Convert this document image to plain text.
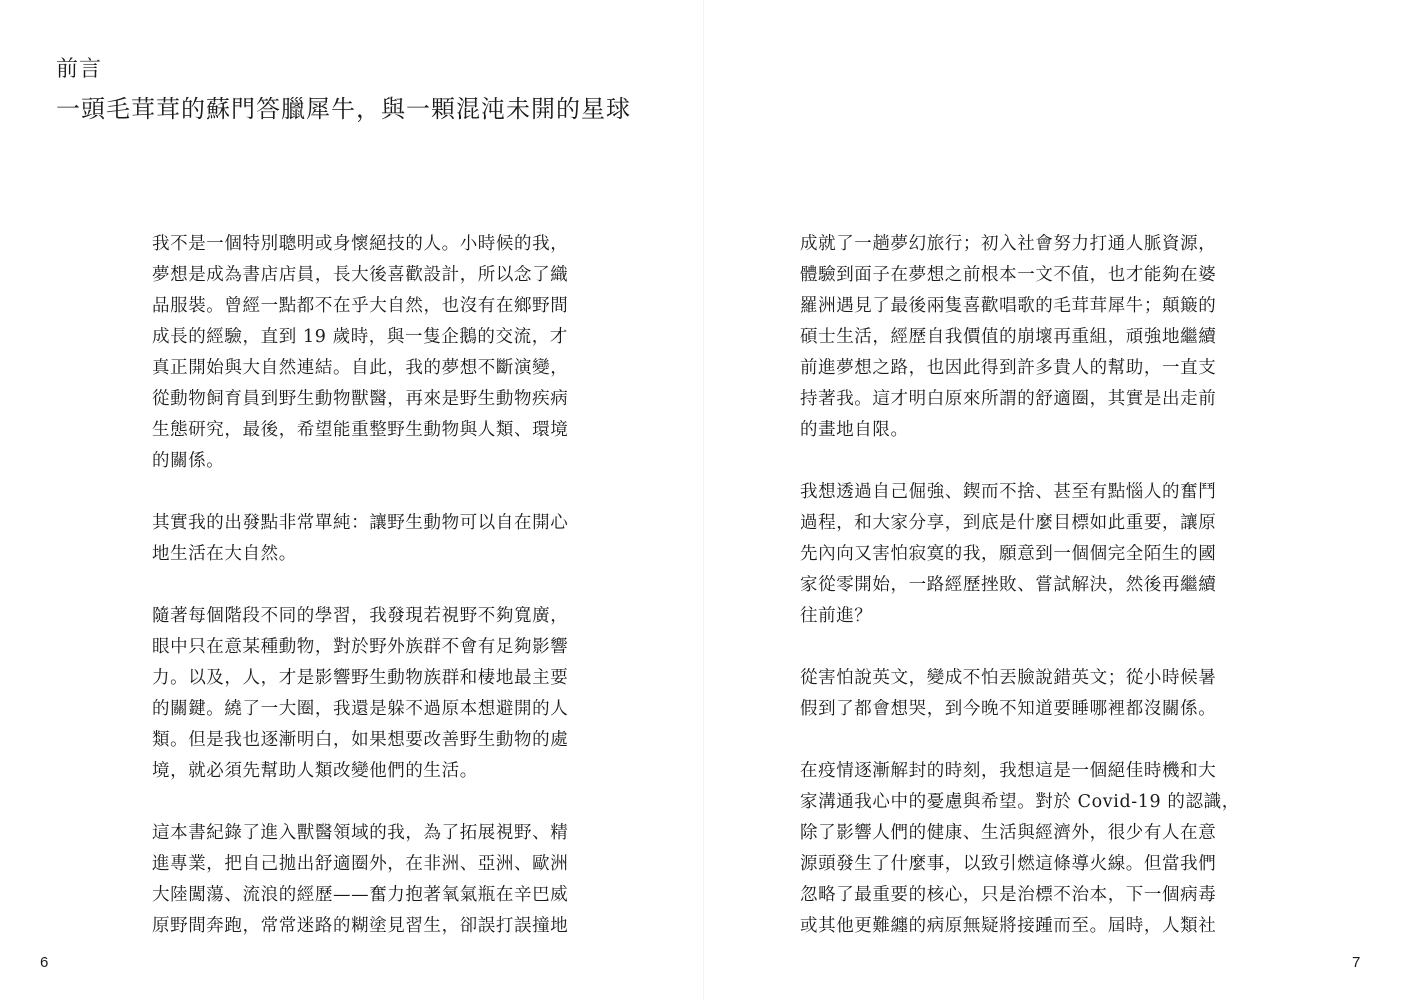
前言
一頭毛茸茸的蘇門答臘犀牛，與一顆混沌未開的星球

我不是一個特別聰明或身懷絕技的人。小時候的我，
夢想是成為書店店員，長大後喜歡設計，所以念了織
品服裝。曾經一點都不在乎大自然，也沒有在鄉野間
成長的經驗，直到 19 歲時，與一隻企鵝的交流，才
真正開始與大自然連結。自此，我的夢想不斷演變，
從動物飼育員到野生動物獸醫，再來是野生動物疾病
生態研究，最後，希望能重整野生動物與人類、環境
的關係。

其實我的出發點非常單純：讓野生動物可以自在開心
地生活在大自然。

隨著每個階段不同的學習，我發現若視野不夠寬廣，
眼中只在意某種動物，對於野外族群不會有足夠影響
力。以及，人，才是影響野生動物族群和棲地最主要
的關鍵。繞了一大圈，我還是躲不過原本想避開的人
類。但是我也逐漸明白，如果想要改善野生動物的處
境，就必須先幫助人類改變他們的生活。

這本書紀錄了進入獸醫領域的我，為了拓展視野、精
進專業，把自己拋出舒適圈外，在非洲、亞洲、歐洲
大陸闖蕩、流浪的經歷——奮力抱著氧氣瓶在辛巴威
原野間奔跑，常常迷路的糊塗見習生，卻誤打誤撞地

6

成就了一趟夢幻旅行；初入社會努力打通人脈資源，
體驗到面子在夢想之前根本一文不值，也才能夠在婆
羅洲遇見了最後兩隻喜歡唱歌的毛茸茸犀牛；顛簸的
碩士生活，經歷自我價值的崩壞再重組，頑強地繼續
前進夢想之路，也因此得到許多貴人的幫助，一直支
持著我。這才明白原來所謂的舒適圈，其實是出走前
的畫地自限。

我想透過自己倔強、鍥而不捨、甚至有點惱人的奮鬥
過程，和大家分享，到底是什麼目標如此重要，讓原
先內向又害怕寂寞的我，願意到一個個完全陌生的國
家從零開始，一路經歷挫敗、嘗試解決，然後再繼續
往前進？

從害怕說英文，變成不怕丟臉說錯英文；從小時候暑
假到了都會想哭，到今晚不知道要睡哪裡都沒關係。

在疫情逐漸解封的時刻，我想這是一個絕佳時機和大
家溝通我心中的憂慮與希望。對於 Covid-19 的認識，
除了影響人們的健康、生活與經濟外，很少有人在意
源頭發生了什麼事，以致引燃這條導火線。但當我們
忽略了最重要的核心，只是治標不治本，下一個病毒
或其他更難纏的病原無疑將接踵而至。屆時，人類社

7
